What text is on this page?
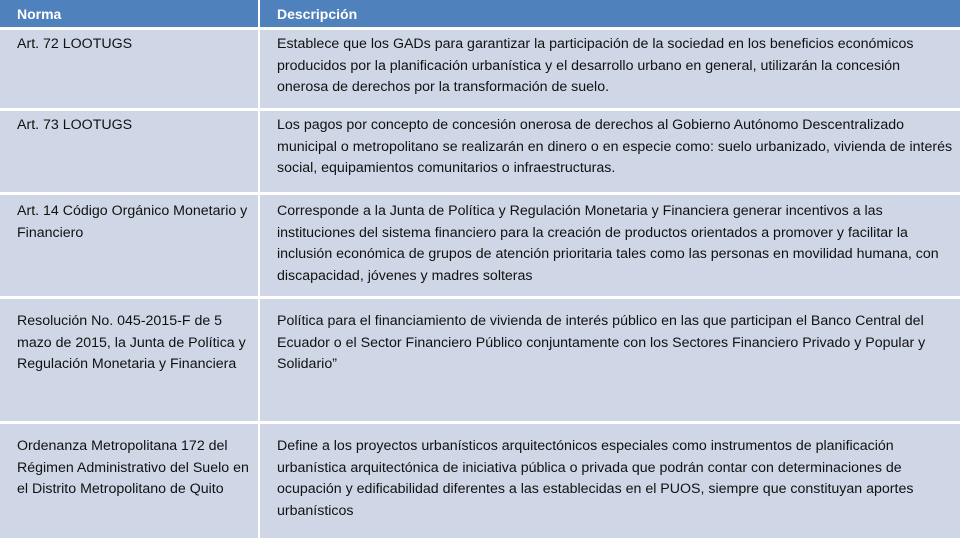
Norma	Descripción
Art. 72 LOOTUGS	Establece que los GADs para garantizar la participación de la sociedad en los beneficios económicos producidos por la planificación urbanística y el desarrollo urbano en general, utilizarán la concesión onerosa de derechos por la transformación de suelo.
Art. 73 LOOTUGS	Los pagos por concepto de concesión onerosa de derechos al Gobierno Autónomo Descentralizado municipal o metropolitano se realizarán en dinero o en especie como: suelo urbanizado, vivienda de interés social, equipamientos comunitarios o infraestructuras.
Art. 14 Código Orgánico Monetario y Financiero	Corresponde a la Junta de Política y Regulación Monetaria y Financiera generar incentivos a las instituciones del sistema financiero para la creación de productos orientados a promover y facilitar la inclusión económica de grupos de atención prioritaria tales como las personas en movilidad humana, con discapacidad, jóvenes y madres solteras
Resolución No. 045-2015-F de 5 mazo de 2015, la Junta de Política y Regulación Monetaria y Financiera	Política para el financiamiento de vivienda de interés público en las que participan el Banco Central del Ecuador o el Sector Financiero Público conjuntamente con los Sectores Financiero Privado y Popular y Solidario”
Ordenanza Metropolitana 172 del Régimen Administrativo del Suelo en el Distrito Metropolitano de Quito	Define a los proyectos urbanísticos arquitectónicos especiales como instrumentos de planificación urbanística arquitectónica de iniciativa pública o privada que podrán contar con determinaciones de ocupación y edificabilidad diferentes a las establecidas en el PUOS, siempre que constituyan aportes urbanísticos
